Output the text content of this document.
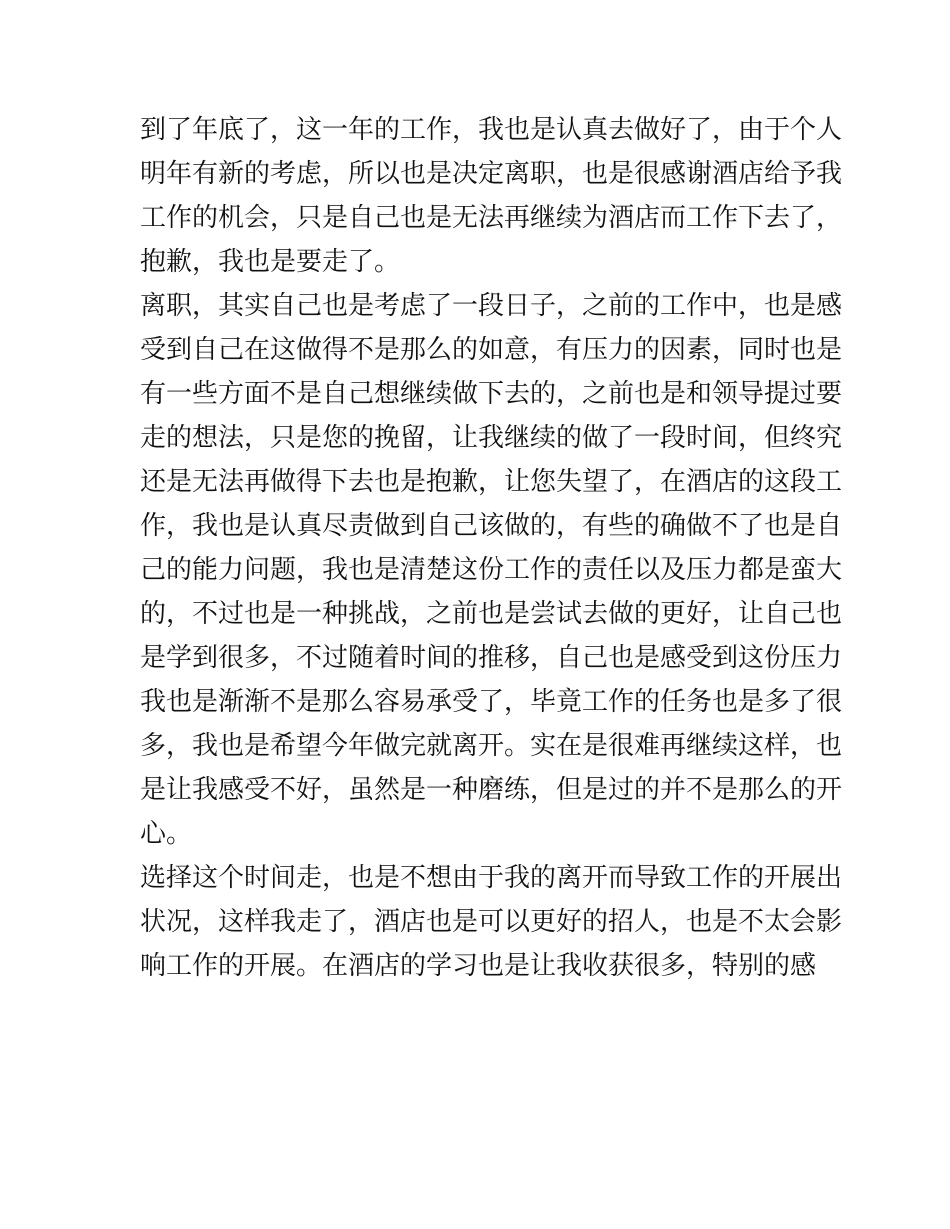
到了年底了，这一年的工作，我也是认真去做好了，由于个人
明年有新的考虑，所以也是决定离职，也是很感谢酒店给予我
工作的机会，只是自己也是无法再继续为酒店而工作下去了，
抱歉，我也是要走了。
离职，其实自己也是考虑了一段日子，之前的工作中，也是感
受到自己在这做得不是那么的如意，有压力的因素，同时也是
有一些方面不是自己想继续做下去的，之前也是和领导提过要
走的想法，只是您的挽留，让我继续的做了一段时间，但终究
还是无法再做得下去也是抱歉，让您失望了，在酒店的这段工
作，我也是认真尽责做到自己该做的，有些的确做不了也是自
己的能力问题，我也是清楚这份工作的责任以及压力都是蛮大
的，不过也是一种挑战，之前也是尝试去做的更好，让自己也
是学到很多，不过随着时间的推移，自己也是感受到这份压力
我也是渐渐不是那么容易承受了，毕竟工作的任务也是多了很
多，我也是希望今年做完就离开。实在是很难再继续这样，也
是让我感受不好，虽然是一种磨练，但是过的并不是那么的开
心。
选择这个时间走，也是不想由于我的离开而导致工作的开展出
状况，这样我走了，酒店也是可以更好的招人，也是不太会影
响工作的开展。在酒店的学习也是让我收获很多，特别的感
